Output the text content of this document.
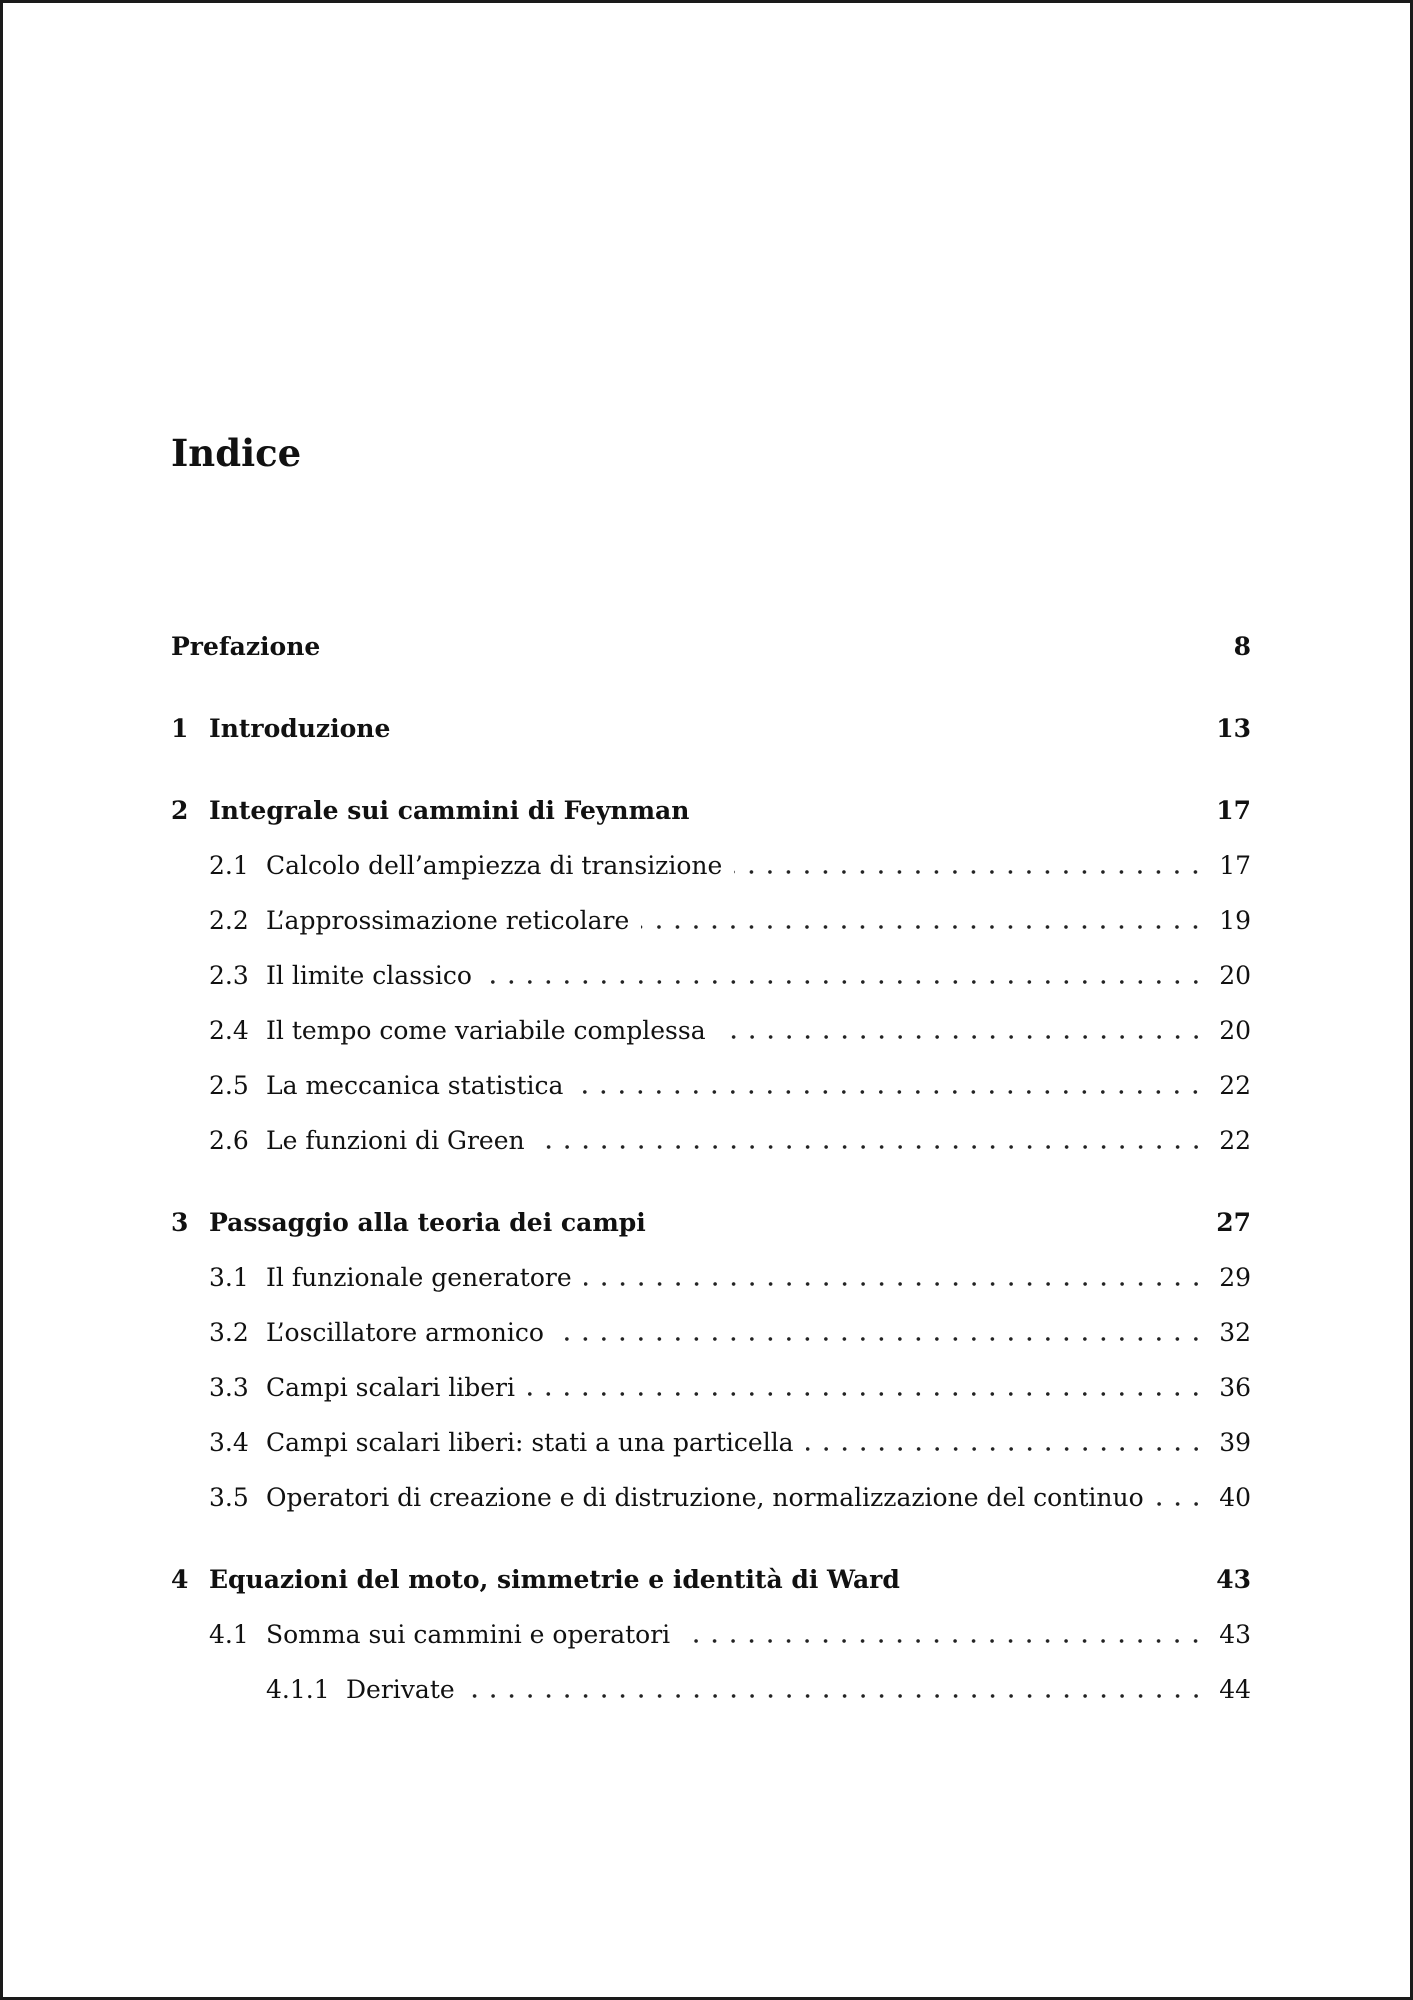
Indice
Prefazione	8
1 Introduzione	13
2 Integrale sui cammini di Feynman	17
2.1 Calcolo dell’ampiezza di transizione	17
2.2 L’approssimazione reticolare	19
2.3 Il limite classico	20
2.4 Il tempo come variabile complessa	20
2.5 La meccanica statistica	22
2.6 Le funzioni di Green	22
3 Passaggio alla teoria dei campi	27
3.1 Il funzionale generatore	29
3.2 L’oscillatore armonico	32
3.3 Campi scalari liberi	36
3.4 Campi scalari liberi: stati a una particella	39
3.5 Operatori di creazione e di distruzione, normalizzazione del continuo	40
4 Equazioni del moto, simmetrie e identità di Ward	43
4.1 Somma sui cammini e operatori	43
4.1.1 Derivate	44
